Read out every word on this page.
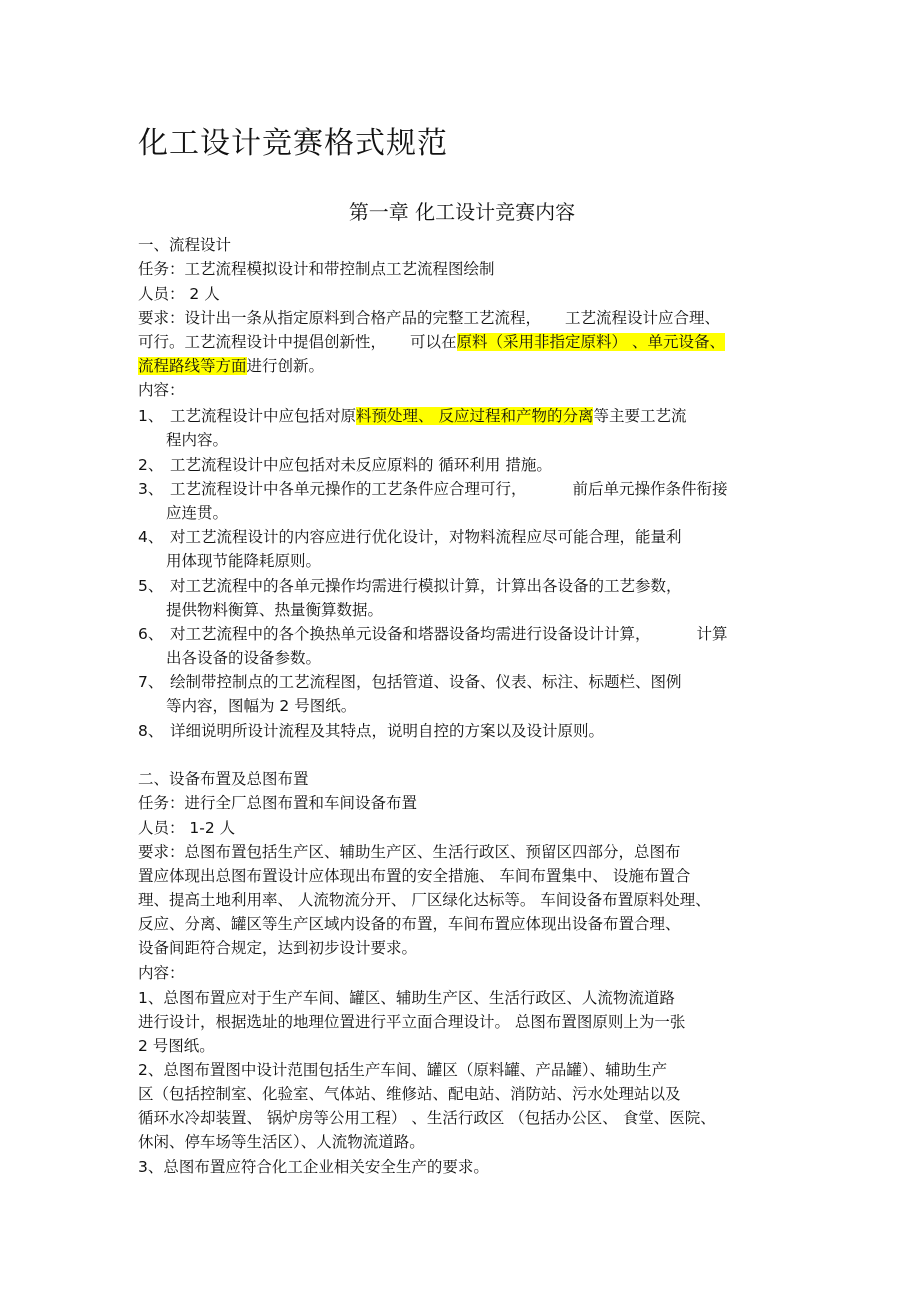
化工设计竞赛格式规范
第一章 化工设计竞赛内容
一、流程设计
任务：工艺流程模拟设计和带控制点工艺流程图绘制
人员： 2 人
要求：设计出一条从指定原料到合格产品的完整工艺流程， 工艺流程设计应合理、
可行。工艺流程设计中提倡创新性， 可以在原料（采用非指定原料） 、单元设备、
流程路线等方面进行创新。
内容：
1、 工艺流程设计中应包括对原料预处理、 反应过程和产物的分离等主要工艺流
程内容。
2、 工艺流程设计中应包括对未反应原料的 循环利用 措施。
3、 工艺流程设计中各单元操作的工艺条件应合理可行，	前后单元操作条件衔接
应连贯。
4、 对工艺流程设计的内容应进行优化设计，对物料流程应尽可能合理，能量利
用体现节能降耗原则。
5、 对工艺流程中的各单元操作均需进行模拟计算，计算出各设备的工艺参数，
提供物料衡算、热量衡算数据。
6、 对工艺流程中的各个换热单元设备和塔器设备均需进行设备设计计算，	计算
出各设备的设备参数。
7、 绘制带控制点的工艺流程图，包括管道、设备、仪表、标注、标题栏、图例
等内容，图幅为 2 号图纸。
8、 详细说明所设计流程及其特点，说明自控的方案以及设计原则。
二、设备布置及总图布置
任务：进行全厂总图布置和车间设备布置
人员： 1-2 人
要求：总图布置包括生产区、辅助生产区、生活行政区、预留区四部分，总图布
置应体现出总图布置设计应体现出布置的安全措施、 车间布置集中、 设施布置合
理、提高土地利用率、 人流物流分开、 厂区绿化达标等。 车间设备布置原料处理、
反应、分离、罐区等生产区域内设备的布置，车间布置应体现出设备布置合理、
设备间距符合规定，达到初步设计要求。
内容：
1、总图布置应对于生产车间、罐区、辅助生产区、生活行政区、人流物流道路
进行设计，根据选址的地理位置进行平立面合理设计。 总图布置图原则上为一张
2 号图纸。
2、总图布置图中设计范围包括生产车间、罐区（原料罐、产品罐）、辅助生产
区（包括控制室、化验室、气体站、维修站、配电站、消防站、污水处理站以及
循环水冷却装置、 锅炉房等公用工程） 、生活行政区 （包括办公区、 食堂、医院、
休闲、停车场等生活区）、人流物流道路。
3、总图布置应符合化工企业相关安全生产的要求。
